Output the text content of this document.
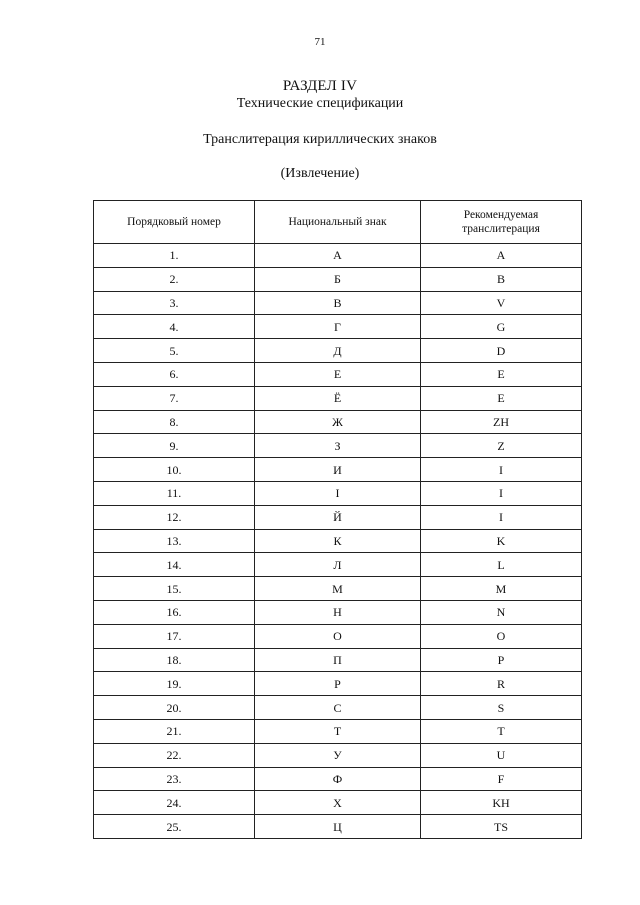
71
РАЗДЕЛ IV
Технические спецификации
Транслитерация кириллических знаков
(Извлечение)
Порядковый номер	Национальный знак	Рекомендуемая
транслитерация
1.	А	A
2.	Б	B
3.	В	V
4.	Г	G
5.	Д	D
6.	Е	E
7.	Ё	E
8.	Ж	ZH
9.	З	Z
10.	И	I
11.	I	I
12.	Й	I
13.	К	K
14.	Л	L
15.	М	M
16.	Н	N
17.	О	O
18.	П	P
19.	Р	R
20.	С	S
21.	Т	T
22.	У	U
23.	Ф	F
24.	Х	KH
25.	Ц	TS
